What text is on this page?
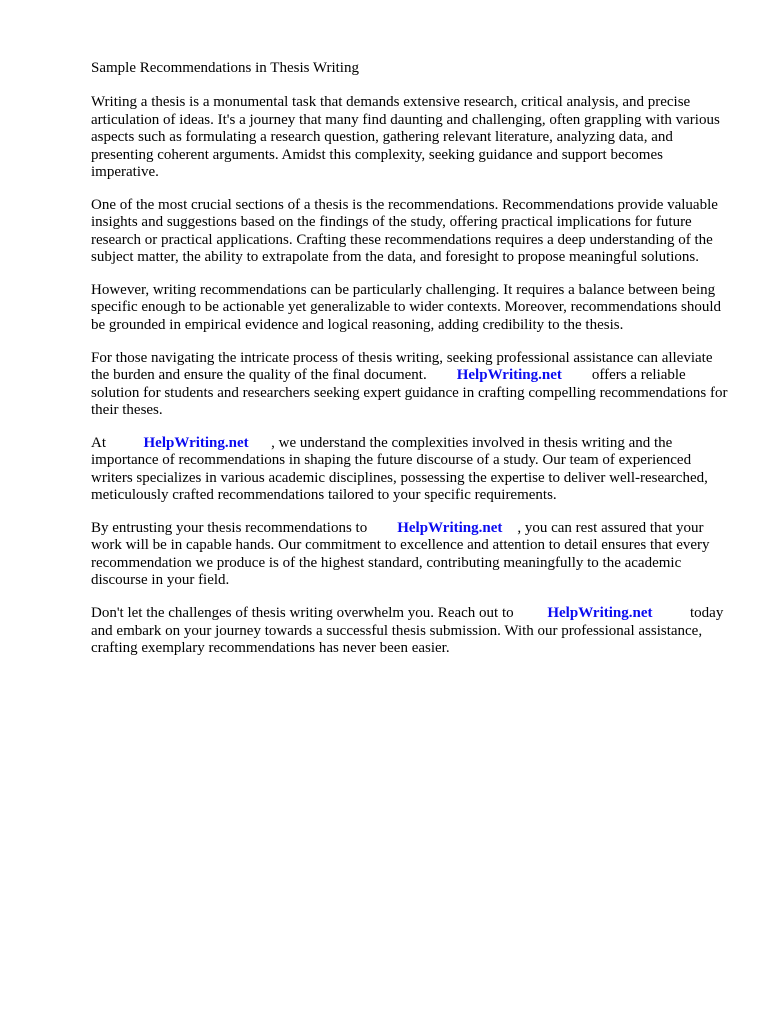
Sample Recommendations in Thesis Writing

Writing a thesis is a monumental task that demands extensive research, critical analysis, and precise articulation of ideas. It's a journey that many find daunting and challenging, often grappling with various aspects such as formulating a research question, gathering relevant literature, analyzing data, and presenting coherent arguments. Amidst this complexity, seeking guidance and support becomes imperative.

One of the most crucial sections of a thesis is the recommendations. Recommendations provide valuable insights and suggestions based on the findings of the study, offering practical implications for future research or practical applications. Crafting these recommendations requires a deep understanding of the subject matter, the ability to extrapolate from the data, and foresight to propose meaningful solutions.

However, writing recommendations can be particularly challenging. It requires a balance between being specific enough to be actionable yet generalizable to wider contexts. Moreover, recommendations should be grounded in empirical evidence and logical reasoning, adding credibility to the thesis.

For those navigating the intricate process of thesis writing, seeking professional assistance can alleviate the burden and ensure the quality of the final document. HelpWriting.net offers a reliable solution for students and researchers seeking expert guidance in crafting compelling recommendations for their theses.

At	HelpWriting.net , we understand the complexities involved in thesis writing and the importance of recommendations in shaping the future discourse of a study. Our team of experienced writers specializes in various academic disciplines, possessing the expertise to deliver well-researched, meticulously crafted recommendations tailored to your specific requirements.

By entrusting your thesis recommendations to HelpWriting.net , you can rest assured that your work will be in capable hands. Our commitment to excellence and attention to detail ensures that every recommendation we produce is of the highest standard, contributing meaningfully to the academic discourse in your field.

Don't let the challenges of thesis writing overwhelm you. Reach out to HelpWriting.net	today and embark on your journey towards a successful thesis submission. With our professional assistance, crafting exemplary recommendations has never been easier.
